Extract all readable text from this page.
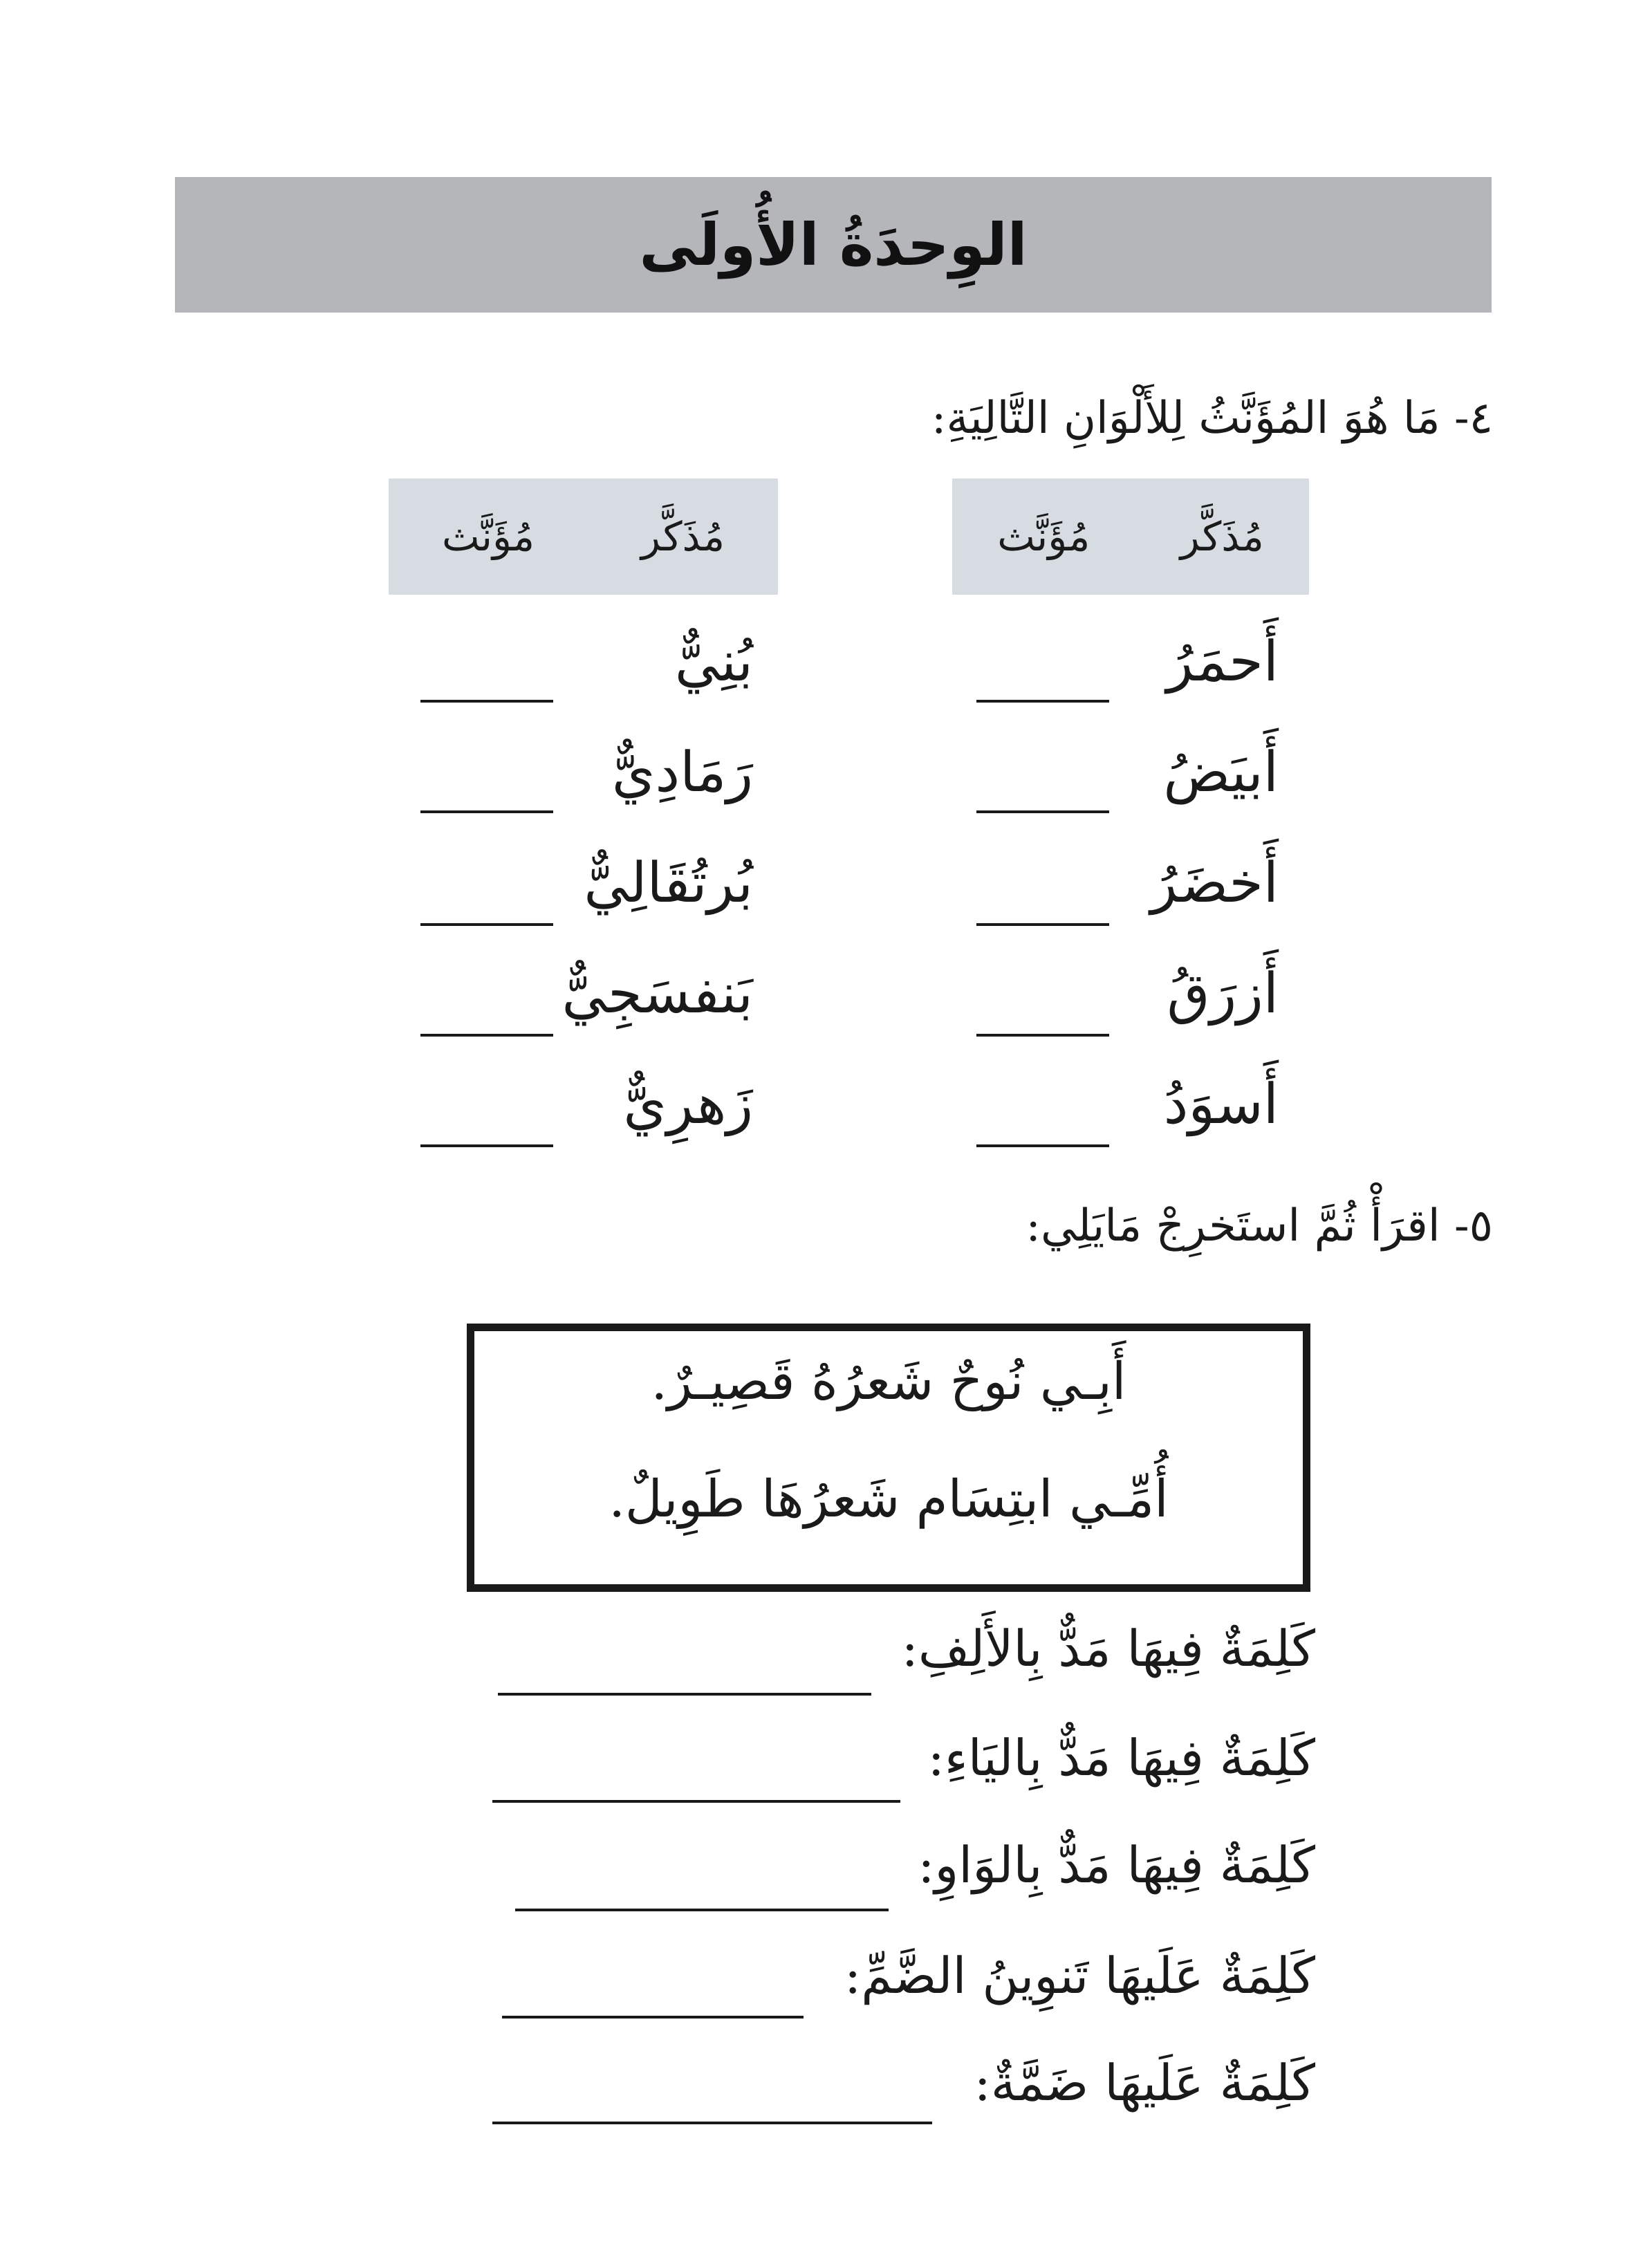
الوِحدَةُ الأُولَى
٤- مَا هُوَ المُؤَنَّثُ لِلأَلْوَانِ التَّالِيَةِ:
مُذَكَّر
مُؤَنَّث
مُذَكَّر
مُؤَنَّث
أَحمَرُ
أَبيَضُ
أَخضَرُ
أَزرَقُ
أَسوَدُ
بُنِيٌّ
رَمَادِيٌّ
بُرتُقَالِيٌّ
بَنفسَجِيٌّ
زَهرِيٌّ
٥- اقرَأْ ثُمَّ استَخرِجْ مَايَلِي:
أَبِـي نُوحٌ شَعرُهُ قَصِيـرٌ.
أُمِّـي ابتِسَام شَعرُهَا طَوِيلٌ.
كَلِمَةٌ فِيهَا مَدٌّ بِالأَلِفِ:
كَلِمَةٌ فِيهَا مَدٌّ بِاليَاءِ:
كَلِمَةٌ فِيهَا مَدٌّ بِالوَاوِ:
كَلِمَةٌ عَلَيهَا تَنوِينُ الضَّمِّ:
كَلِمَةٌ عَلَيهَا ضَمَّةٌ:
